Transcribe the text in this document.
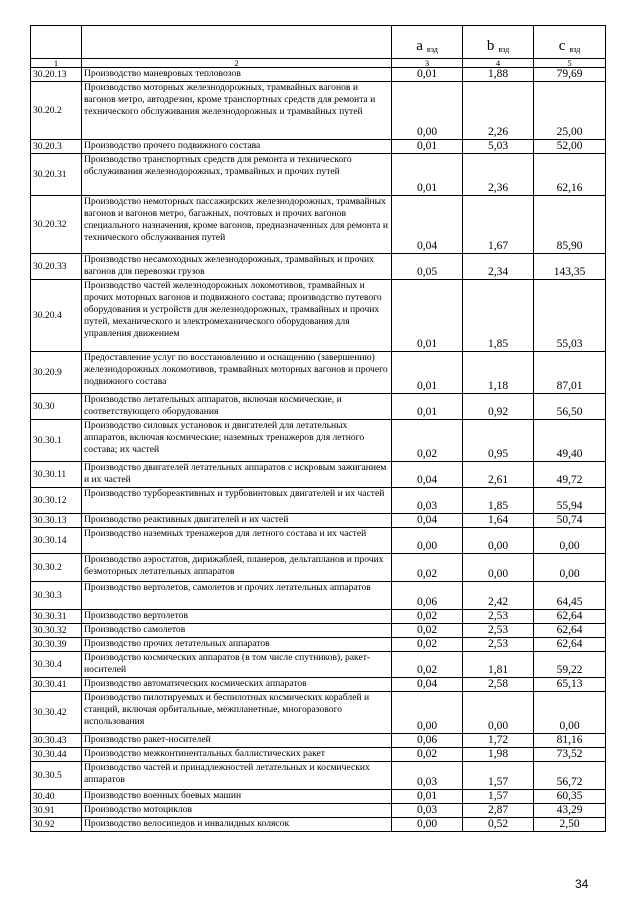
		a $_{вэд}$	b $_{вэд}$	c $_{вэд}$
1	2	3	4	5
30.20.13	Производство маневровых тепловозов	0,01	1,88	79,69
30.20.2	Производство моторных железнодорожных, трамвайных вагонов и вагонов метро, автодрезин, кроме транспортных средств для ремонта и технического обслуживания железнодорожных и трамвайных путей	0,00	2,26	25,00
30.20.3	Производство прочего подвижного состава	0,01	5,03	52,00
30.20.31	Производство транспортных средств для ремонта и технического обслуживания железнодорожных, трамвайных и прочих путей	0,01	2,36	62,16
30.20.32	Производство немоторных пассажирских железнодорожных, трамвайных вагонов и вагонов метро, багажных, почтовых и прочих вагонов специального назначения, кроме вагонов, предназначенных для ремонта и технического обслуживания путей	0,04	1,67	85,90
30.20.33	Производство несамоходных железнодорожных, трамвайных и прочих вагонов для перевозки грузов	0,05	2,34	143,35
30.20.4	Производство частей железнодорожных локомотивов, трамвайных и прочих моторных вагонов и подвижного состава; производство путевого оборудования и устройств для железнодорожных, трамвайных и прочих путей, механического и электромеханического оборудования для управления движением	0,01	1,85	55,03
30.20.9	Предоставление услуг по восстановлению и оснащению (завершению) железнодорожных локомотивов, трамвайных моторных вагонов и прочего подвижного состава	0,01	1,18	87,01
30.30	Производство летательных аппаратов, включая космические, и соответствующего оборудования	0,01	0,92	56,50
30.30.1	Производство силовых установок и двигателей для летательных аппаратов, включая космические; наземных тренажеров для летного состава; их частей	0,02	0,95	49,40
30.30.11	Производство двигателей летательных аппаратов с искровым зажиганием и их частей	0,04	2,61	49,72
30.30.12	Производство турбореактивных и турбовинтовых двигателей и их частей	0,03	1,85	55,94
30.30.13	Производство реактивных двигателей и их частей	0,04	1,64	50,74
30.30.14	Производство наземных тренажеров для летного состава и их частей	0,00	0,00	0,00
30.30.2	Производство аэростатов, дирижаблей, планеров, дельтапланов и прочих безмоторных летательных аппаратов	0,02	0,00	0,00
30.30.3	Производство вертолетов, самолетов и прочих летательных аппаратов	0,06	2,42	64,45
30.30.31	Производство вертолетов	0,02	2,53	62,64
30.30.32	Производство самолетов	0,02	2,53	62,64
30.30.39	Производство прочих летательных аппаратов	0,02	2,53	62,64
30.30.4	Производство космических аппаратов (в том числе спутников), ракет-носителей	0,02	1,81	59,22
30.30.41	Производство автоматических космических аппаратов	0,04	2,58	65,13
30.30.42	Производство пилотируемых и беспилотных космических кораблей и станций, включая орбитальные, межпланетные, многоразового использования	0,00	0,00	0,00
30.30.43	Производство ракет-носителей	0,06	1,72	81,16
30.30.44	Производство межконтинентальных баллистических ракет	0,02	1,98	73,52
30.30.5	Производство частей и принадлежностей летательных и космических аппаратов	0,03	1,57	56,72
30.40	Производство военных боевых машин	0,01	1,57	60,35
30.91	Производство мотоциклов	0,03	2,87	43,29
30.92	Производство велосипедов и инвалидных колясок	0,00	0,52	2,50
34
